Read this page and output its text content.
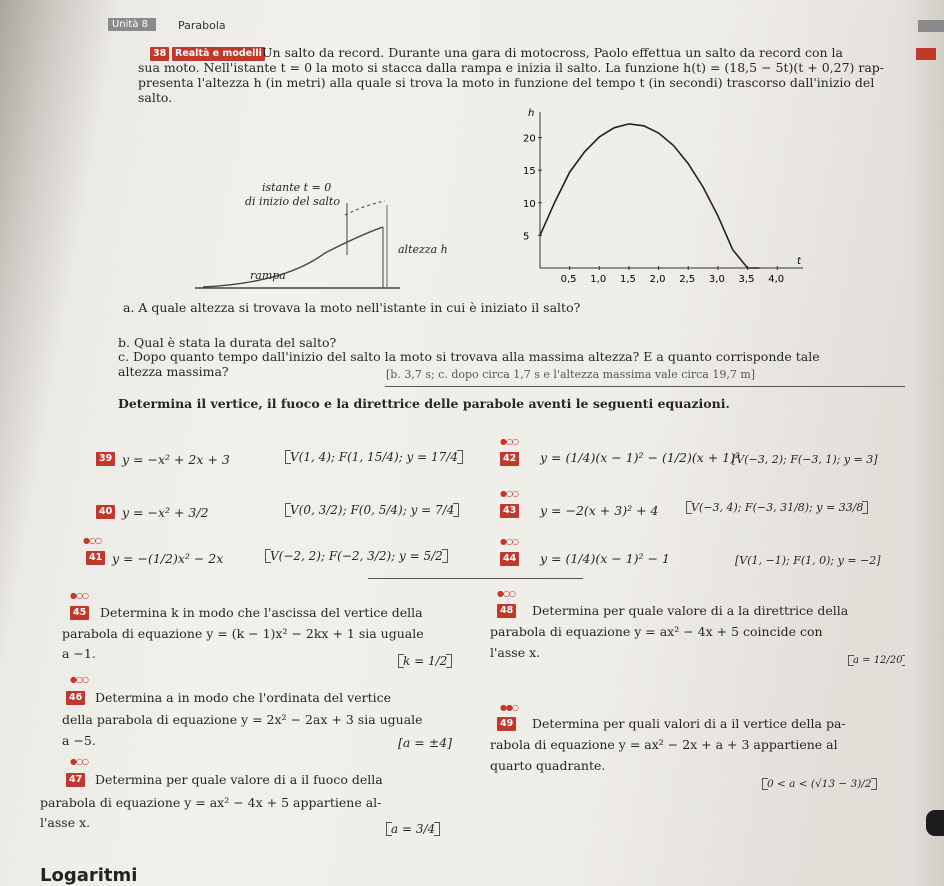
Unità 8	Parabola
38 Realtà e modelli Un salto da record. Durante una gara di motocross, Paolo effettua un salto da record con la
sua moto. Nell'istante t = 0 la moto si stacca dalla rampa e inizia il salto. La funzione h(t) = (18,5 − 5t)(t + 0,27) rap-
presenta l'altezza h (in metri) alla quale si trova la moto in funzione del tempo t (in secondi) trascorso dall'inizio del
salto.
istante t = 0
di inizio del salto
altezza h
rampa
t
h
0,5 1,0 1,5 2,0 2,5 3,0 3,5 4,0
5
10
15
20
a. A quale altezza si trovava la moto nell'istante in cui è iniziato il salto?
b. Qual è stata la durata del salto?
c. Dopo quanto tempo dall'inizio del salto la moto si trovava alla massima altezza? E a quanto corrisponde tale
altezza massima?	[b. 3,7 s; c. dopo circa 1,7 s e l'altezza massima vale circa 19,7 m]
Determina il vertice, il fuoco e la direttrice delle parabole aventi le seguenti equazioni.
39 y = −x² + 2x + 3	V(1, 4); F(1, 15/4); y = 17/4
40 y = −x² + 3/2	V(0, 3/2); F(0, 5/4); y = 7/4
●○○
41 y = −(1/2)x² − 2x	V(−2, 2); F(−2, 3/2); y = 5/2
●○○
42 y = (1/4)(x − 1)² − (1/2)(x + 1)²
[V(−3, 2); F(−3, 1); y = 3]
●○○
43 y = −2(x + 3)² + 4	V(−3, 4); F(−3, 31/8); y = 33/8
●○○
44 y = (1/4)(x − 1)² − 1	[V(1, −1); F(1, 0); y = −2]
●○○
45 Determina k in modo che l'ascissa del vertice della
parabola di equazione y = (k − 1)x² − 2kx + 1 sia uguale
a −1.	k = 1/2
●○○
46 Determina a in modo che l'ordinata del vertice
della parabola di equazione y = 2x² − 2ax + 3 sia uguale
a −5.	[a = ±4]
●○○
47 Determina per quale valore di a il fuoco della
parabola di equazione y = ax² − 4x + 5 appartiene al-
l'asse x.	a = 3/4
●○○
48 Determina per quale valore di a la direttrice della
parabola di equazione y = ax² − 4x + 5 coincide con
l'asse x.
a = 12/20
●●○
49 Determina per quali valori di a il vertice della pa-
rabola di equazione y = ax² − 2x + a + 3 appartiene al
quarto quadrante.
0 < a < (√13 − 3)/2
Logaritmi
